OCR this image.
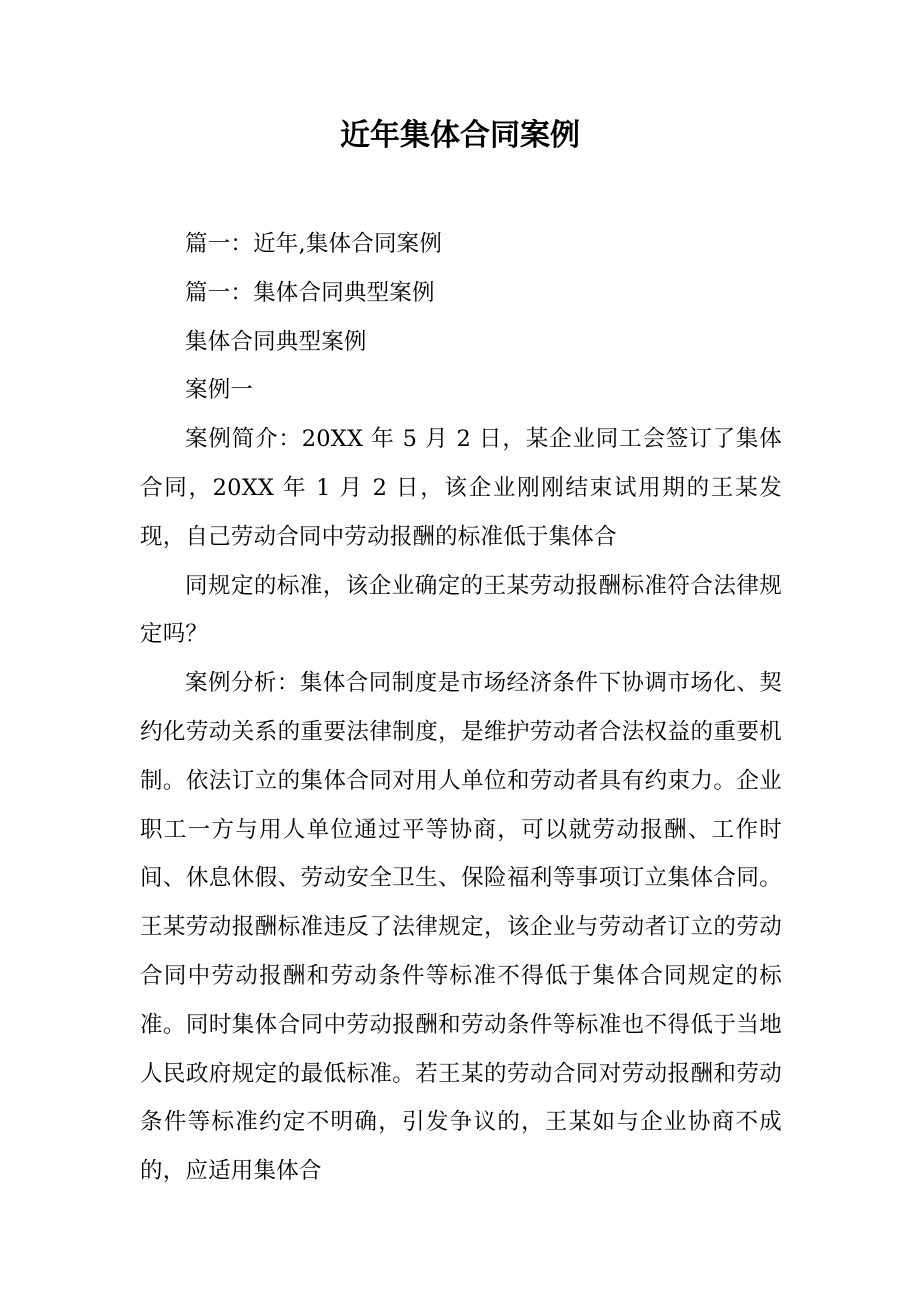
近年集体合同案例

篇一：近年,集体合同案例

篇一：集体合同典型案例

集体合同典型案例

案例一

案例简介：20XX 年 5 月 2 日，某企业同工会签订了集体合同，20XX 年 1 月 2 日，该企业刚刚结束试用期的王某发现，自己劳动合同中劳动报酬的标准低于集体合

同规定的标准，该企业确定的王某劳动报酬标准符合法律规定吗？

案例分析：集体合同制度是市场经济条件下协调市场化、契约化劳动关系的重要法律制度，是维护劳动者合法权益的重要机制。依法订立的集体合同对用人单位和劳动者具有约束力。企业职工一方与用人单位通过平等协商，可以就劳动报酬、工作时间、休息休假、劳动安全卫生、保险福利等事项订立集体合同。王某劳动报酬标准违反了法律规定，该企业与劳动者订立的劳动合同中劳动报酬和劳动条件等标准不得低于集体合同规定的标准。同时集体合同中劳动报酬和劳动条件等标准也不得低于当地人民政府规定的最低标准。若王某的劳动合同对劳动报酬和劳动条件等标准约定不明确，引发争议的，王某如与企业协商不成的，应适用集体合
